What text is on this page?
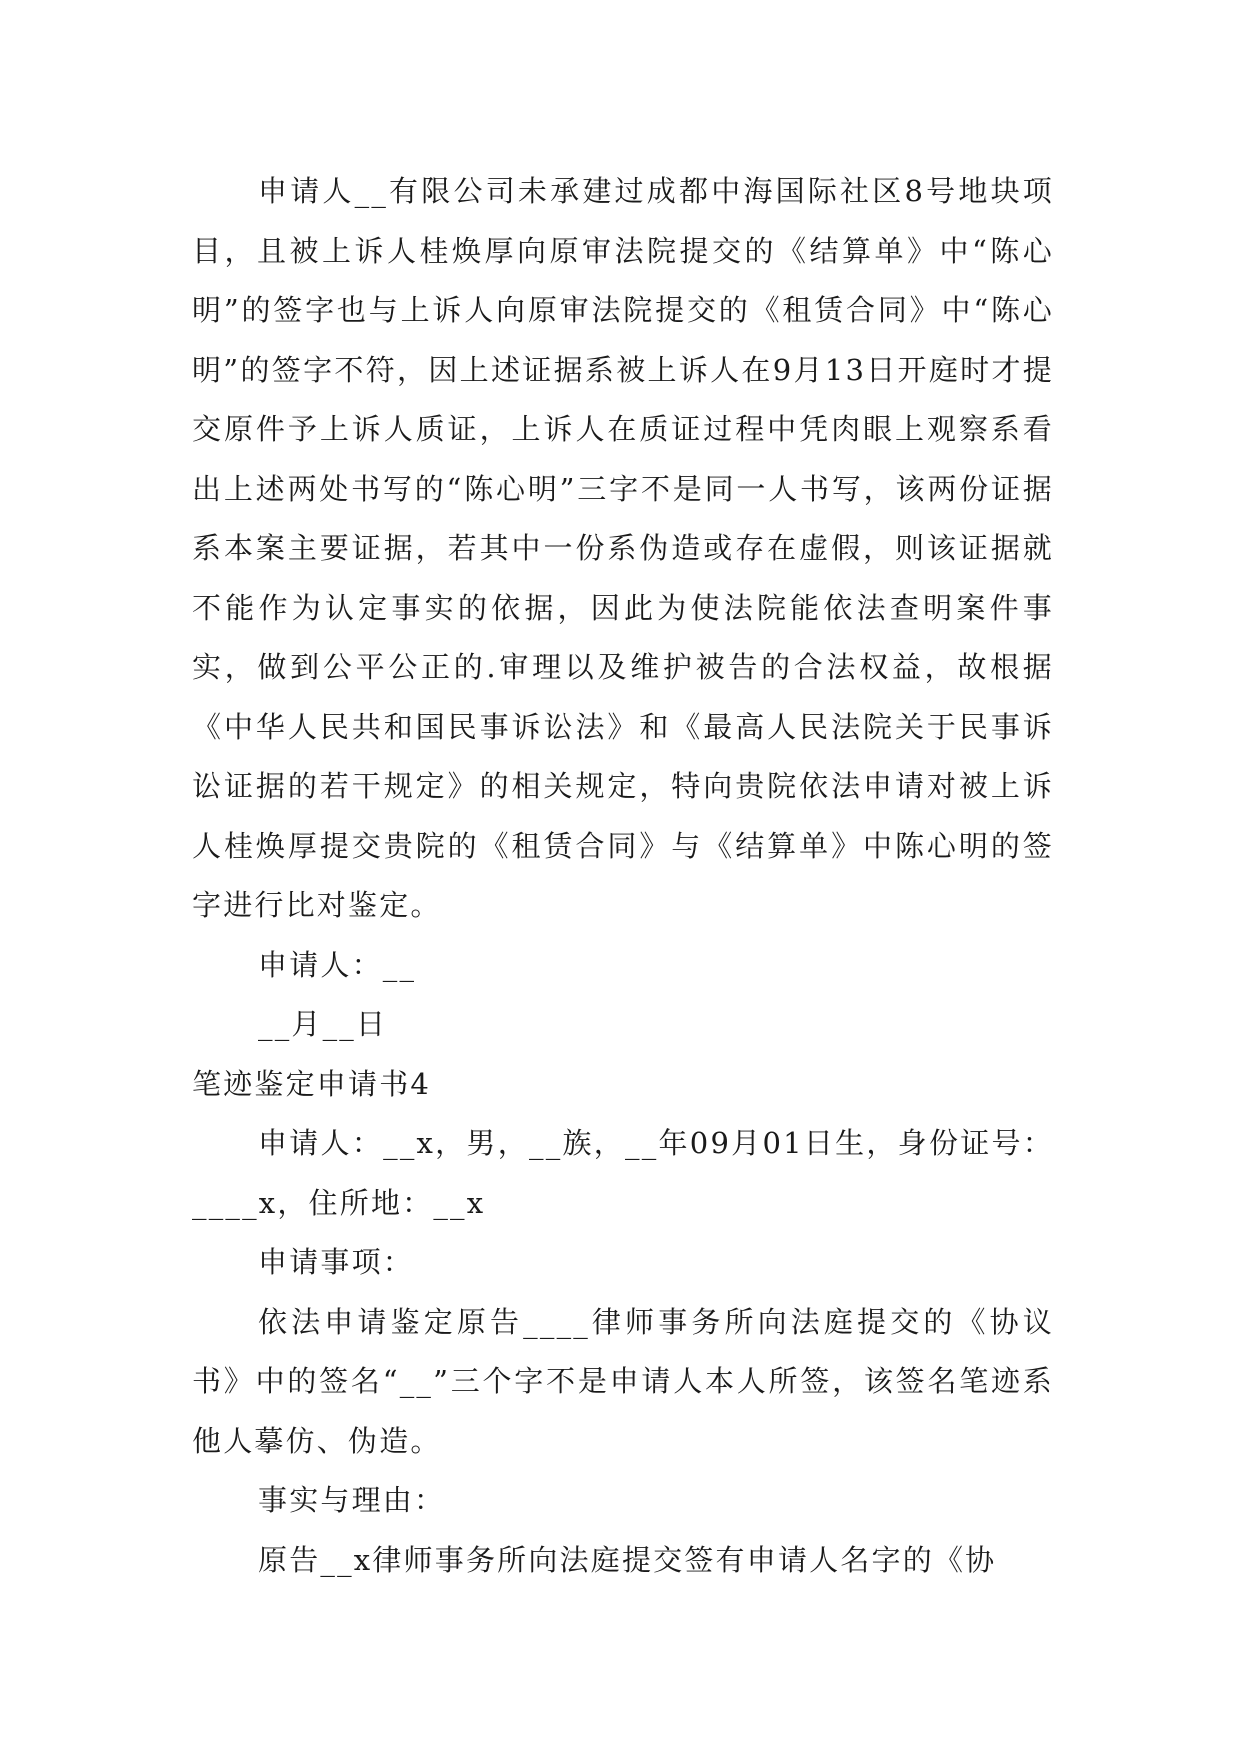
申请人__有限公司未承建过成都中海国际社区8号地块项目，且被上诉人桂焕厚向原审法院提交的《结算单》中“陈心明”的签字也与上诉人向原审法院提交的《租赁合同》中“陈心明”的签字不符，因上述证据系被上诉人在9月13日开庭时才提交原件予上诉人质证，上诉人在质证过程中凭肉眼上观察系看出上述两处书写的“陈心明”三字不是同一人书写，该两份证据系本案主要证据，若其中一份系伪造或存在虚假，则该证据就不能作为认定事实的依据，因此为使法院能依法查明案件事实，做到公平公正的.审理以及维护被告的合法权益，故根据《中华人民共和国民事诉讼法》和《最高人民法院关于民事诉讼证据的若干规定》的相关规定，特向贵院依法申请对被上诉人桂焕厚提交贵院的《租赁合同》与《结算单》中陈心明的签字进行比对鉴定。

申请人：__

__月__日

笔迹鉴定申请书4

申请人：__x，男，__族，__年09月01日生，身份证号：____x，住所地：__x

申请事项：

依法申请鉴定原告____律师事务所向法庭提交的《协议书》中的签名“__”三个字不是申请人本人所签，该签名笔迹系他人摹仿、伪造。

事实与理由：

原告__x律师事务所向法庭提交签有申请人名字的《协
